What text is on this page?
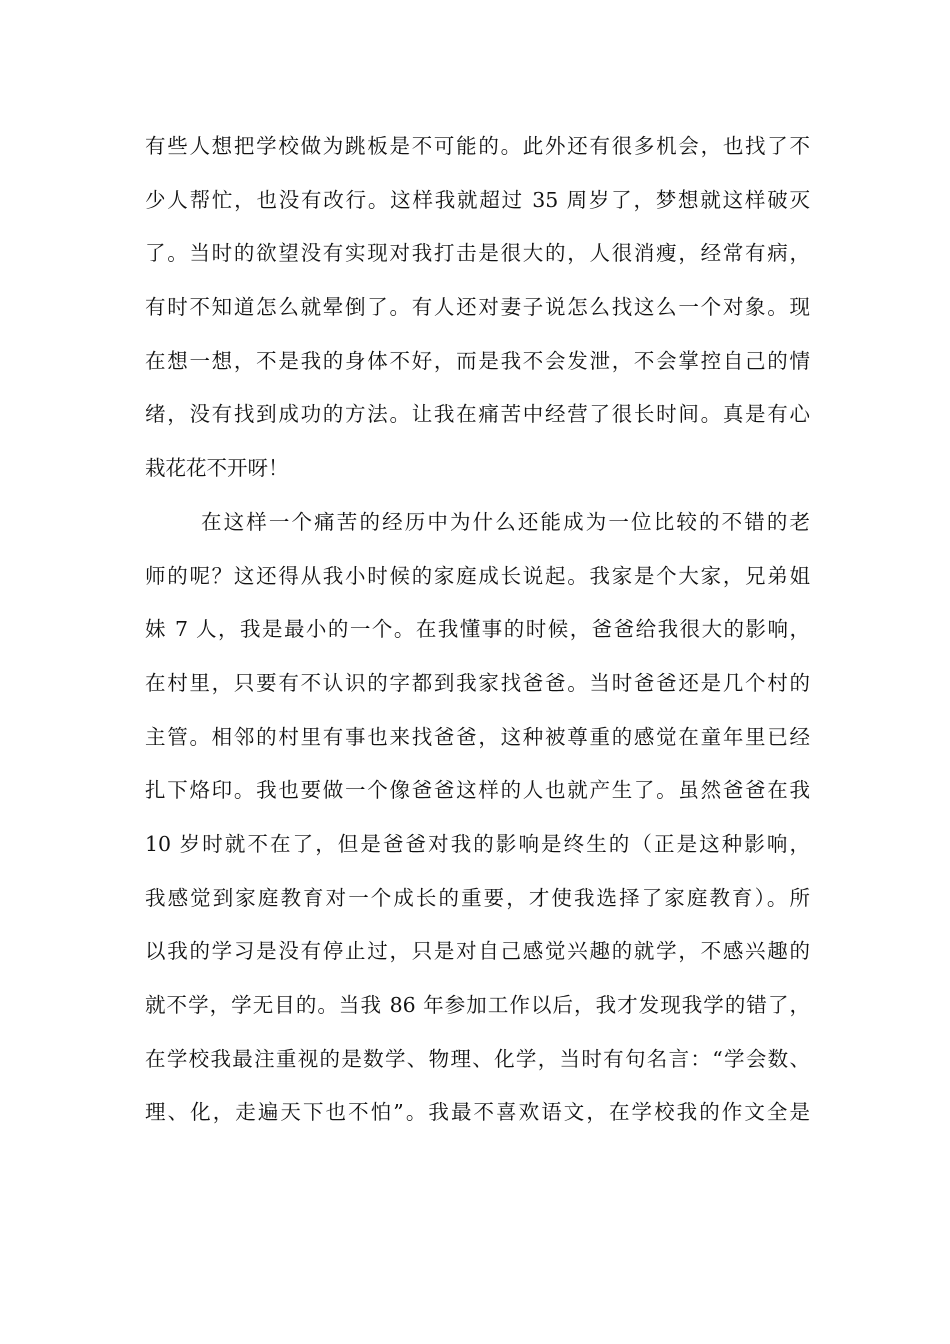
有些人想把学校做为跳板是不可能的。此外还有很多机会，也找了不
少人帮忙，也没有改行。这样我就超过 35 周岁了，梦想就这样破灭
了。当时的欲望没有实现对我打击是很大的，人很消瘦，经常有病，
有时不知道怎么就晕倒了。有人还对妻子说怎么找这么一个对象。现
在想一想，不是我的身体不好，而是我不会发泄，不会掌控自己的情
绪，没有找到成功的方法。让我在痛苦中经营了很长时间。真是有心
栽花花不开呀！
在这样一个痛苦的经历中为什么还能成为一位比较的不错的老
师的呢？这还得从我小时候的家庭成长说起。我家是个大家，兄弟姐
妹 7 人，我是最小的一个。在我懂事的时候，爸爸给我很大的影响，
在村里，只要有不认识的字都到我家找爸爸。当时爸爸还是几个村的
主管。相邻的村里有事也来找爸爸，这种被尊重的感觉在童年里已经
扎下烙印。我也要做一个像爸爸这样的人也就产生了。虽然爸爸在我
10 岁时就不在了，但是爸爸对我的影响是终生的（正是这种影响，
我感觉到家庭教育对一个成长的重要，才使我选择了家庭教育）。所
以我的学习是没有停止过，只是对自己感觉兴趣的就学，不感兴趣的
就不学，学无目的。当我 86 年参加工作以后，我才发现我学的错了，
在学校我最注重视的是数学、物理、化学，当时有句名言：“学会数、
理、化，走遍天下也不怕”。我最不喜欢语文，在学校我的作文全是
